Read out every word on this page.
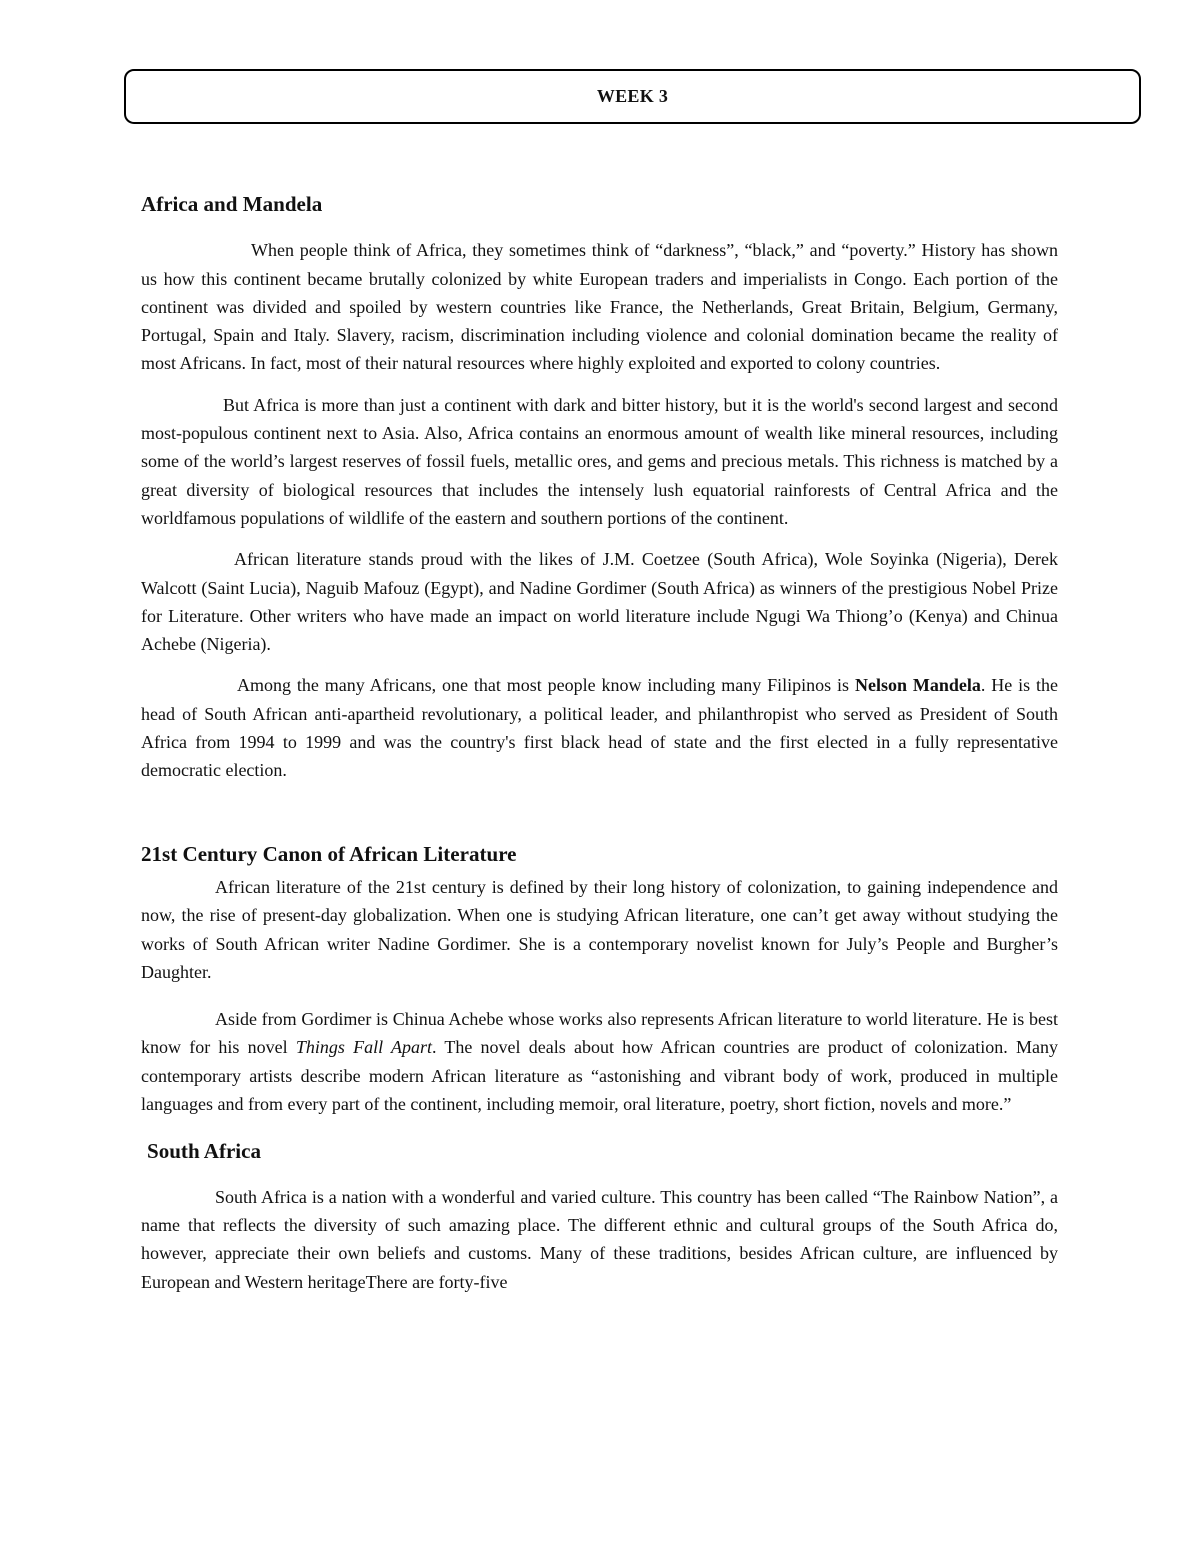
WEEK 3
Africa and Mandela

When people think of Africa, they sometimes think of “darkness”, “black,” and “poverty.” History has shown us how this continent became brutally colonized by white European traders and imperialists in Congo. Each portion of the continent was divided and spoiled by western countries like France, the Netherlands, Great Britain, Belgium, Germany, Portugal, Spain and Italy. Slavery, racism, discrimination including violence and colonial domination became the reality of most Africans. In fact, most of their natural resources where highly exploited and exported to colony countries.

But Africa is more than just a continent with dark and bitter history, but it is the world's second largest and second most-populous continent next to Asia. Also, Africa contains an enormous amount of wealth like mineral resources, including some of the world’s largest reserves of fossil fuels, metallic ores, and gems and precious metals. This richness is matched by a great diversity of biological resources that includes the intensely lush equatorial rainforests of Central Africa and the worldfamous populations of wildlife of the eastern and southern portions of the continent.

African literature stands proud with the likes of J.M. Coetzee (South Africa), Wole Soyinka (Nigeria), Derek Walcott (Saint Lucia), Naguib Mafouz (Egypt), and Nadine Gordimer (South Africa) as winners of the prestigious Nobel Prize for Literature. Other writers who have made an impact on world literature include Ngugi Wa Thiong’o (Kenya) and Chinua Achebe (Nigeria).

Among the many Africans, one that most people know including many Filipinos is Nelson Mandela. He is the head of South African anti-apartheid revolutionary, a political leader, and philanthropist who served as President of South Africa from 1994 to 1999 and was the country's first black head of state and the first elected in a fully representative democratic election.

21st Century Canon of African Literature

African literature of the 21st century is defined by their long history of colonization, to gaining independence and now, the rise of present-day globalization. When one is studying African literature, one can’t get away without studying the works of South African writer Nadine Gordimer. She is a contemporary novelist known for July’s People and Burgher’s Daughter.

Aside from Gordimer is Chinua Achebe whose works also represents African literature to world literature. He is best know for his novel Things Fall Apart. The novel deals about how African countries are product of colonization. Many contemporary artists describe modern African literature as “astonishing and vibrant body of work, produced in multiple languages and from every part of the continent, including memoir, oral literature, poetry, short fiction, novels and more.”

South Africa

South Africa is a nation with a wonderful and varied culture. This country has been called “The Rainbow Nation”, a name that reflects the diversity of such amazing place. The different ethnic and cultural groups of the South Africa do, however, appreciate their own beliefs and customs. Many of these traditions, besides African culture, are influenced by European and Western heritageThere are forty-five
